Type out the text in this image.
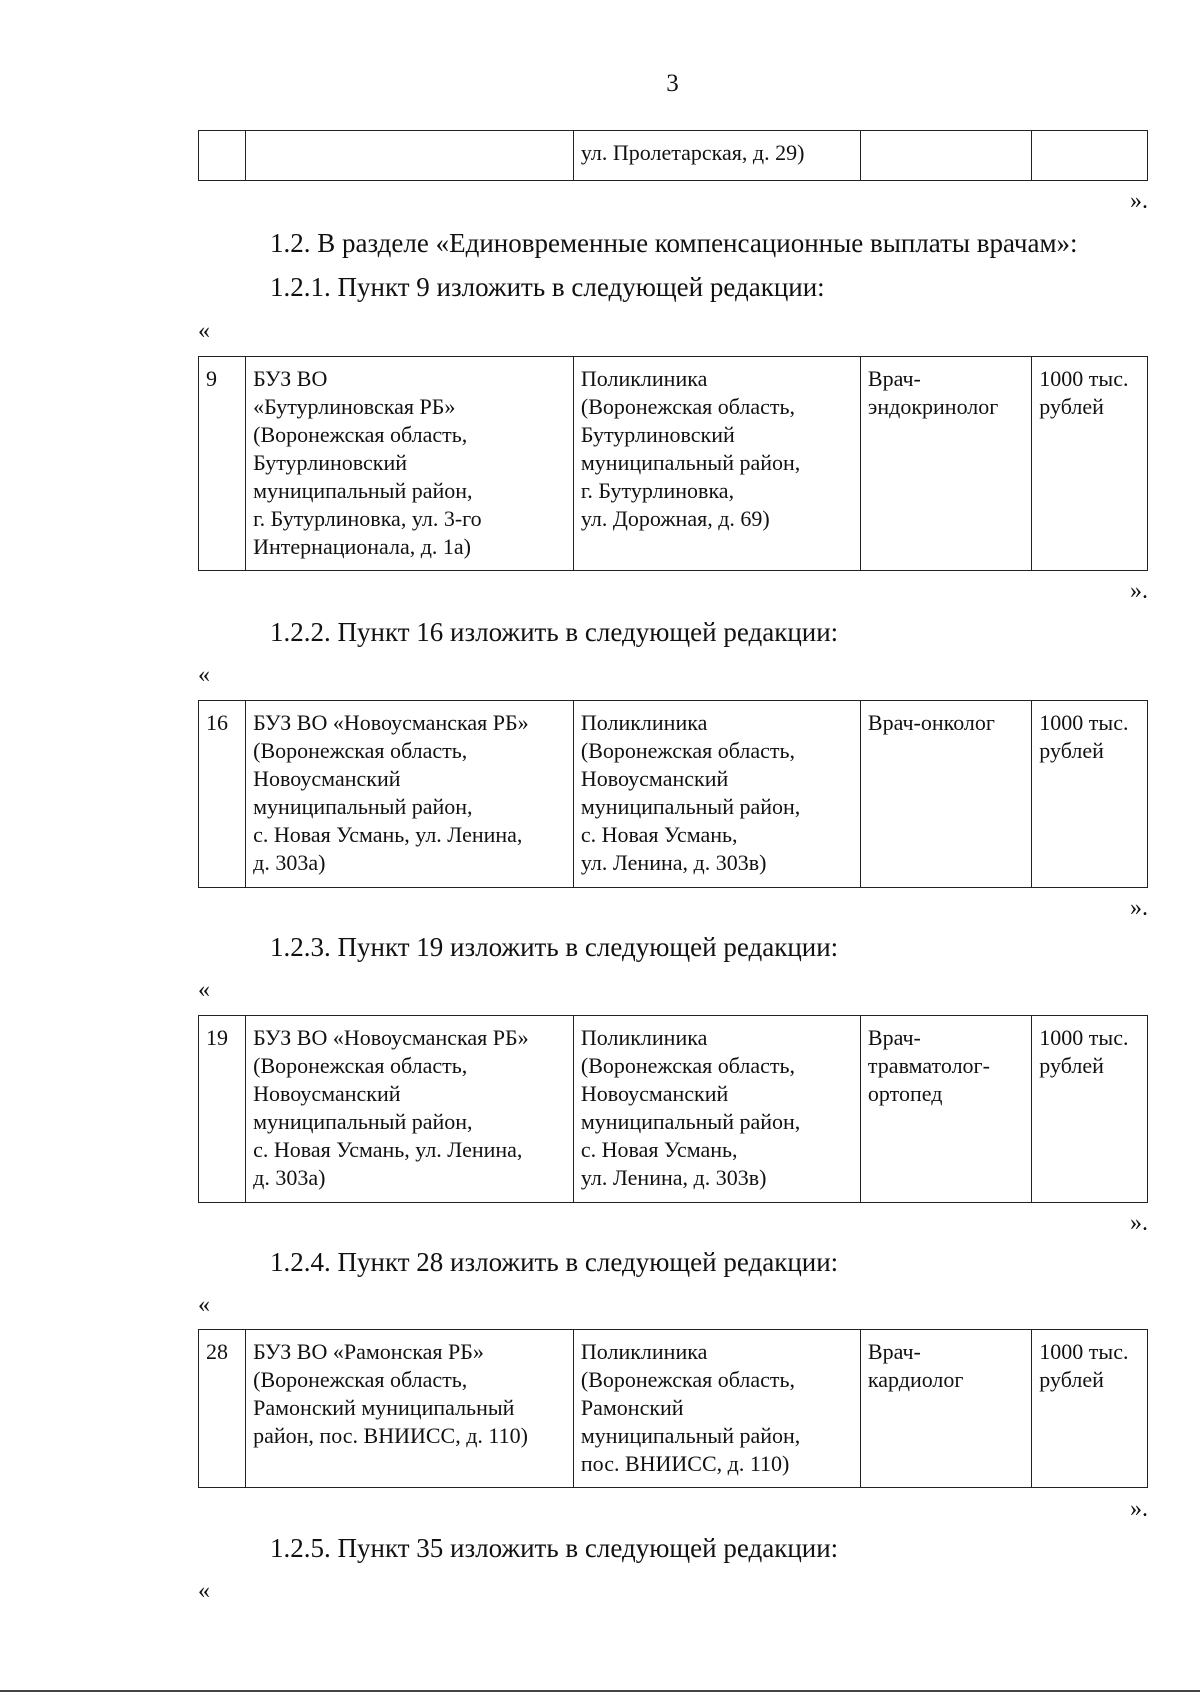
3
		ул. Пролетарская, д. 29)		
».
1.2. В разделе «Единовременные компенсационные выплаты врачам»:
1.2.1. Пункт 9 изложить в следующей редакции:
«
9	БУЗ ВО
«Бутурлиновская РБ»
(Воронежская область,
Бутурлиновский
муниципальный район,
г. Бутурлиновка, ул. 3-го
Интернационала, д. 1а)	Поликлиника
(Воронежская область,
Бутурлиновский
муниципальный район,
г. Бутурлиновка,
ул. Дорожная, д. 69)	Врач-
эндокринолог	1000 тыс.
рублей
».
1.2.2. Пункт 16 изложить в следующей редакции:
«
16	БУЗ ВО «Новоусманская РБ»
(Воронежская область,
Новоусманский
муниципальный район,
с. Новая Усмань, ул. Ленина,
д. 303а)	Поликлиника
(Воронежская область,
Новоусманский
муниципальный район,
с. Новая Усмань,
ул. Ленина, д. 303в)	Врач-онколог	1000 тыс.
рублей
».
1.2.3. Пункт 19 изложить в следующей редакции:
«
19	БУЗ ВО «Новоусманская РБ»
(Воронежская область,
Новоусманский
муниципальный район,
с. Новая Усмань, ул. Ленина,
д. 303а)	Поликлиника
(Воронежская область,
Новоусманский
муниципальный район,
с. Новая Усмань,
ул. Ленина, д. 303в)	Врач-
травматолог-
ортопед	1000 тыс.
рублей
».
1.2.4. Пункт 28 изложить в следующей редакции:
«
28	БУЗ ВО «Рамонская РБ»
(Воронежская область,
Рамонский муниципальный
район, пос. ВНИИСС, д. 110)	Поликлиника
(Воронежская область,
Рамонский
муниципальный район,
пос. ВНИИСС, д. 110)	Врач-
кардиолог	1000 тыс.
рублей
».
1.2.5. Пункт 35 изложить в следующей редакции:
«
